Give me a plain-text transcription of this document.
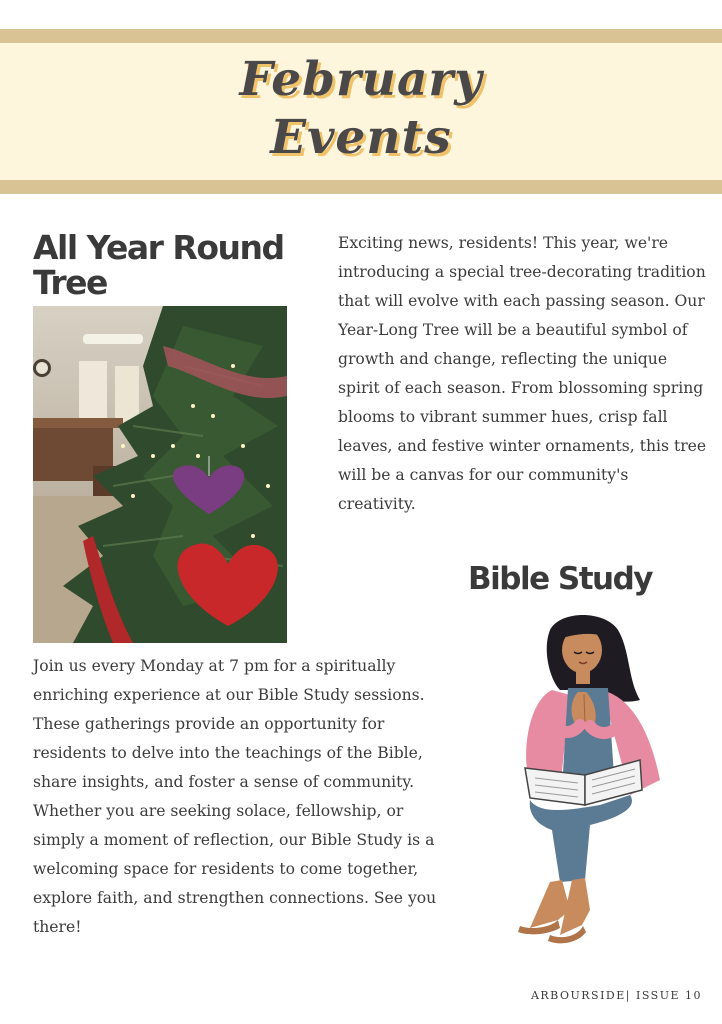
February
Events
All Year Round
Tree

Exciting news, residents! This year, we're introducing a special tree-decorating tradition that will evolve with each passing season. Our Year-Long Tree will be a beautiful symbol of growth and change, reflecting the unique spirit of each season. From blossoming spring blooms to vibrant summer hues, crisp fall leaves, and festive winter ornaments, this tree will be a canvas for our community's creativity.

Bible Study

Join us every Monday at 7 pm for a spiritually enriching experience at our Bible Study sessions. These gatherings provide an opportunity for residents to delve into the teachings of the Bible, share insights, and foster a sense of community. Whether you are seeking solace, fellowship, or simply a moment of reflection, our Bible Study is a welcoming space for residents to come together, explore faith, and strengthen connections. See you there!

ARBOURSIDE| ISSUE 10
